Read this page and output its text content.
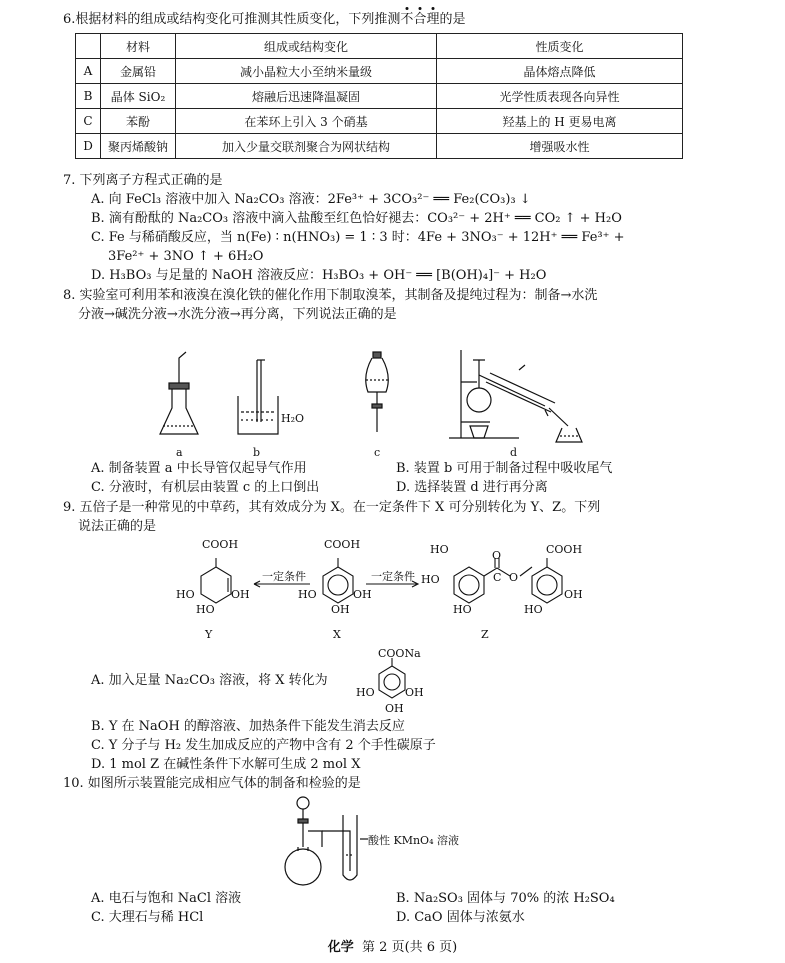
6.根据材料的组成或结构变化可推测其性质变化，下列推测不合理的是
	材料	组成或结构变化	性质变化
A	金属铅	减小晶粒大小至纳米量级	晶体熔点降低
B	晶体 SiO₂	熔融后迅速降温凝固	光学性质表现各向异性
C	苯酚	在苯环上引入 3 个硝基	羟基上的 H 更易电离
D	聚丙烯酸钠	加入少量交联剂聚合为网状结构	增强吸水性
7. 下列离子方程式正确的是
A. 向 FeCl₃ 溶液中加入 Na₂CO₃ 溶液：2Fe³⁺ + 3CO₃²⁻ ══ Fe₂(CO₃)₃ ↓
B. 滴有酚酞的 Na₂CO₃ 溶液中滴入盐酸至红色恰好褪去：CO₃²⁻ + 2H⁺ ══ CO₂ ↑ + H₂O
C. Fe 与稀硝酸反应，当 n(Fe) ∶ n(HNO₃) = 1 ∶ 3 时：4Fe + 3NO₃⁻ + 12H⁺ ══ Fe³⁺ +
3Fe²⁺ + 3NO ↑ + 6H₂O
D. H₃BO₃ 与足量的 NaOH 溶液反应：H₃BO₃ + OH⁻ ══ [B(OH)₄]⁻ + H₂O
8. 实验室可利用苯和液溴在溴化铁的催化作用下制取溴苯，其制备及提纯过程为：制备→水洗
分液→碱洗分液→水洗分液→再分离，下列说法正确的是
a	b
H₂O
c	d
A. 制备装置 a 中长导管仅起导气作用	B. 装置 b 可用于制备过程中吸收尾气
C. 分液时，有机层由装置 c 的上口倒出	D. 选择装置 d 进行再分离
9. 五倍子是一种常见的中草药，其有效成分为 X。在一定条件下 X 可分别转化为 Y、Z。下列
说法正确的是
COOH
HO	OH
HO
一定条件
Y
COOH
HO	OH
OH
一定条件
X
HO
HO
HO
O
C O
COOH
HO
OH
Z
A. 加入足量 Na₂CO₃ 溶液，将 X 转化为
COONa
HO	OH
OH
B. Y 在 NaOH 的醇溶液、加热条件下能发生消去反应
C. Y 分子与 H₂ 发生加成反应的产物中含有 2 个手性碳原子
D. 1 mol Z 在碱性条件下水解可生成 2 mol X
10. 如图所示装置能完成相应气体的制备和检验的是
酸性 KMnO₄ 溶液
A. 电石与饱和 NaCl 溶液	B. Na₂SO₃ 固体与 70% 的浓 H₂SO₄
C. 大理石与稀 HCl	D. CaO 固体与浓氨水
化学 第 2 页(共 6 页)
